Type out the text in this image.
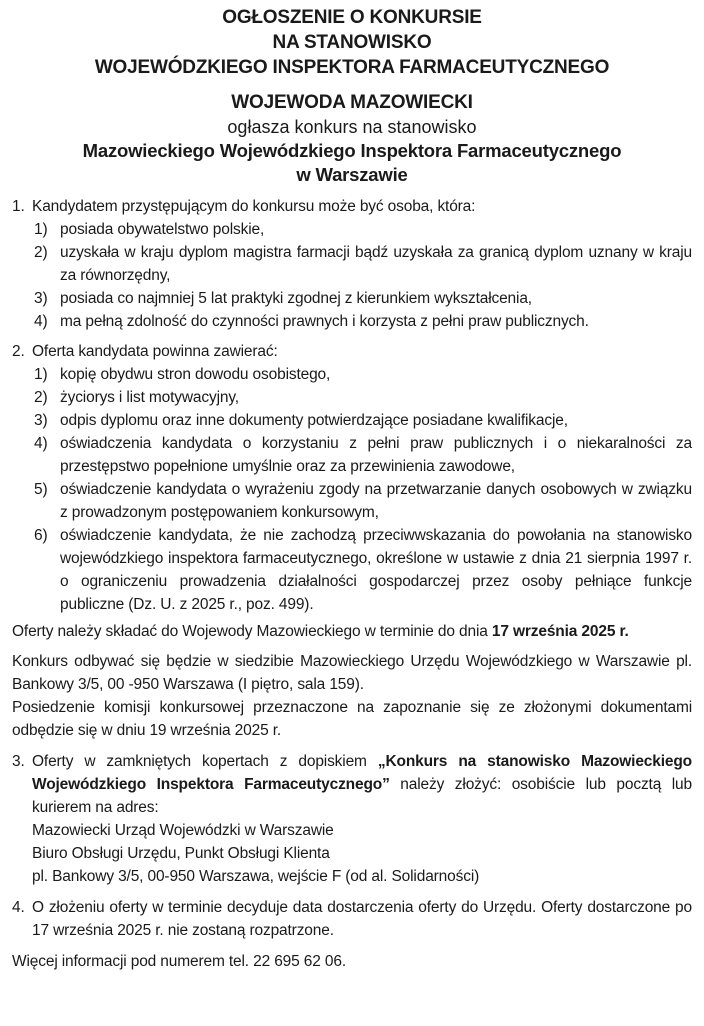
OGŁOSZENIE O KONKURSIE
NA STANOWISKO
WOJEWÓDZKIEGO INSPEKTORA FARMACEUTYCZNEGO
WOJEWODA MAZOWIECKI
ogłasza konkurs na stanowisko
Mazowieckiego Wojewódzkiego Inspektora Farmaceutycznego
w Warszawie
1. Kandydatem przystępującym do konkursu może być osoba, która:
1) posiada obywatelstwo polskie,
2) uzyskała w kraju dyplom magistra farmacji bądź uzyskała za granicą dyplom uznany w kraju za równorzędny,
3) posiada co najmniej 5 lat praktyki zgodnej z kierunkiem wykształcenia,
4) ma pełną zdolność do czynności prawnych i korzysta z pełni praw publicznych.
2. Oferta kandydata powinna zawierać:
1) kopię obydwu stron dowodu osobistego,
2) życiorys i list motywacyjny,
3) odpis dyplomu oraz inne dokumenty potwierdzające posiadane kwalifikacje,
4) oświadczenia kandydata o korzystaniu z pełni praw publicznych i o niekaralności za przestępstwo popełnione umyślnie oraz za przewinienia zawodowe,
5) oświadczenie kandydata o wyrażeniu zgody na przetwarzanie danych osobowych w związku z prowadzonym postępowaniem konkursowym,
6) oświadczenie kandydata, że nie zachodzą przeciwwskazania do powołania na stanowisko wojewódzkiego inspektora farmaceutycznego, określone w ustawie z dnia 21 sierpnia 1997 r. o ograniczeniu prowadzenia działalności gospodarczej przez osoby pełniące funkcje publiczne (Dz. U. z 2025 r., poz. 499).
Oferty należy składać do Wojewody Mazowieckiego w terminie do dnia 17 września 2025 r.
Konkurs odbywać się będzie w siedzibie Mazowieckiego Urzędu Wojewódzkiego w Warszawie pl. Bankowy 3/5, 00 -950 Warszawa (I piętro, sala 159).
Posiedzenie komisji konkursowej przeznaczone na zapoznanie się ze złożonymi dokumentami odbędzie się w dniu 19 września 2025 r.
3. Oferty w zamkniętych kopertach z dopiskiem „Konkurs na stanowisko Mazowieckiego Wojewódzkiego Inspektora Farmaceutycznego” należy złożyć: osobiście lub pocztą lub kurierem na adres:
Mazowiecki Urząd Wojewódzki w Warszawie
Biuro Obsługi Urzędu, Punkt Obsługi Klienta
pl. Bankowy 3/5, 00-950 Warszawa, wejście F (od al. Solidarności)
4. O złożeniu oferty w terminie decyduje data dostarczenia oferty do Urzędu. Oferty dostarczone po 17 września 2025 r. nie zostaną rozpatrzone.
Więcej informacji pod numerem tel. 22 695 62 06.
